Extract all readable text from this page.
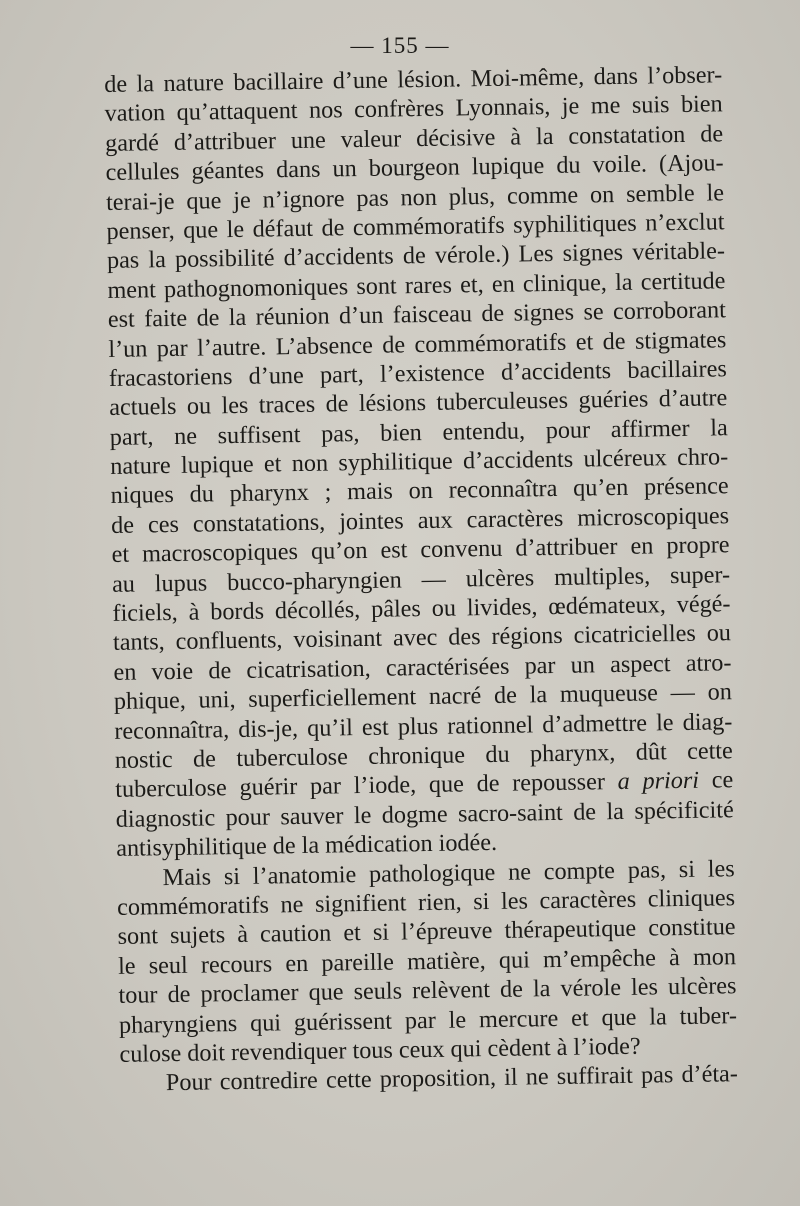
— 155 —
de la nature bacillaire d’une lésion. Moi-même, dans l’obser-
vation qu’attaquent nos confrères Lyonnais, je me suis bien
gardé d’attribuer une valeur décisive à la constatation de
cellules géantes dans un bourgeon lupique du voile. (Ajou-
terai-je que je n’ignore pas non plus, comme on semble le
penser, que le défaut de commémoratifs syphilitiques n’exclut
pas la possibilité d’accidents de vérole.) Les signes véritable-
ment pathognomoniques sont rares et, en clinique, la certitude
est faite de la réunion d’un faisceau de signes se corroborant
l’un par l’autre. L’absence de commémoratifs et de stigmates
fracastoriens d’une part, l’existence d’accidents bacillaires
actuels ou les traces de lésions tuberculeuses guéries d’autre
part, ne suffisent pas, bien entendu, pour affirmer la
nature lupique et non syphilitique d’accidents ulcéreux chro-
niques du pharynx ; mais on reconnaîtra qu’en présence
de ces constatations, jointes aux caractères microscopiques
et macroscopiques qu’on est convenu d’attribuer en propre
au lupus bucco-pharyngien — ulcères multiples, super-
ficiels, à bords décollés, pâles ou livides, œdémateux, végé-
tants, confluents, voisinant avec des régions cicatricielles ou
en voie de cicatrisation, caractérisées par un aspect atro-
phique, uni, superficiellement nacré de la muqueuse — on
reconnaîtra, dis-je, qu’il est plus rationnel d’admettre le diag-
nostic de tuberculose chronique du pharynx, dût cette
tuberculose guérir par l’iode, que de repousser a priori ce
diagnostic pour sauver le dogme sacro-saint de la spécificité
antisyphilitique de la médication iodée.
Mais si l’anatomie pathologique ne compte pas, si les
commémoratifs ne signifient rien, si les caractères cliniques
sont sujets à caution et si l’épreuve thérapeutique constitue
le seul recours en pareille matière, qui m’empêche à mon
tour de proclamer que seuls relèvent de la vérole les ulcères
pharyngiens qui guérissent par le mercure et que la tuber-
culose doit revendiquer tous ceux qui cèdent à l’iode?
Pour contredire cette proposition, il ne suffirait pas d’éta-
